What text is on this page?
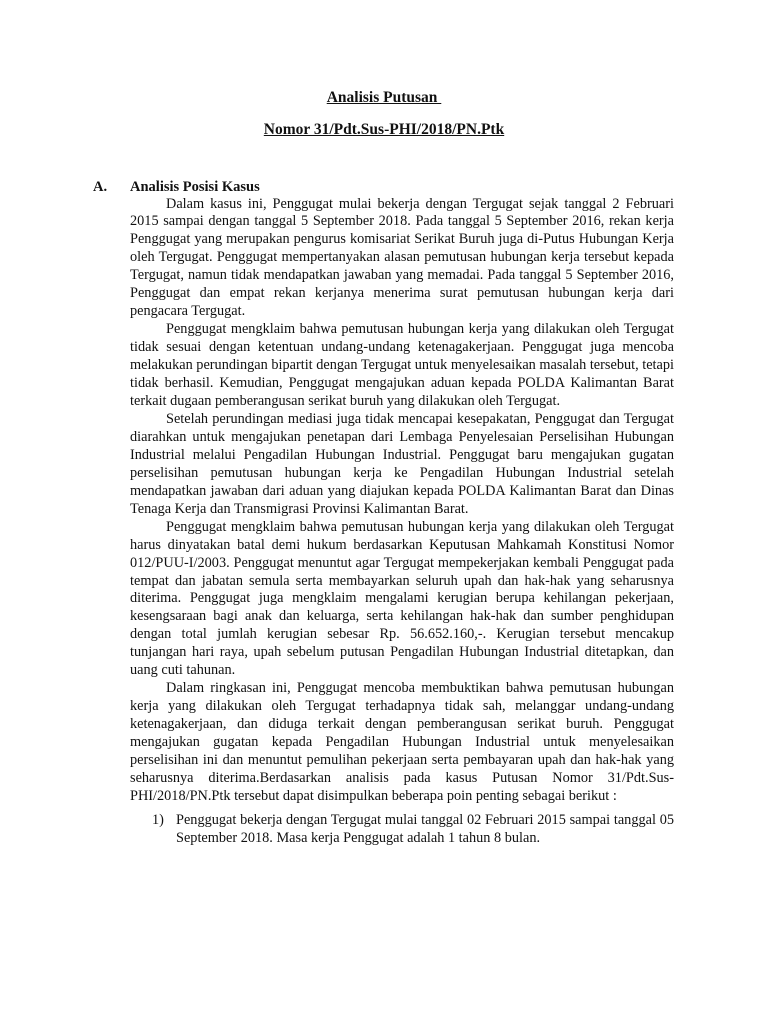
Analisis Putusan
Nomor 31/Pdt.Sus-PHI/2018/PN.Ptk
A. Analisis Posisi Kasus

Dalam kasus ini, Penggugat mulai bekerja dengan Tergugat sejak tanggal 2 Februari 2015 sampai dengan tanggal 5 September 2018. Pada tanggal 5 September 2016, rekan kerja Penggugat yang merupakan pengurus komisariat Serikat Buruh juga di-Putus Hubungan Kerja oleh Tergugat. Penggugat mempertanyakan alasan pemutusan hubungan kerja tersebut kepada Tergugat, namun tidak mendapatkan jawaban yang memadai. Pada tanggal 5 September 2016, Penggugat dan empat rekan kerjanya menerima surat pemutusan hubungan kerja dari pengacara Tergugat.

Penggugat mengklaim bahwa pemutusan hubungan kerja yang dilakukan oleh Tergugat tidak sesuai dengan ketentuan undang-undang ketenagakerjaan. Penggugat juga mencoba melakukan perundingan bipartit dengan Tergugat untuk menyelesaikan masalah tersebut, tetapi tidak berhasil. Kemudian, Penggugat mengajukan aduan kepada POLDA Kalimantan Barat terkait dugaan pemberangusan serikat buruh yang dilakukan oleh Tergugat.

Setelah perundingan mediasi juga tidak mencapai kesepakatan, Penggugat dan Tergugat diarahkan untuk mengajukan penetapan dari Lembaga Penyelesaian Perselisihan Hubungan Industrial melalui Pengadilan Hubungan Industrial. Penggugat baru mengajukan gugatan perselisihan pemutusan hubungan kerja ke Pengadilan Hubungan Industrial setelah mendapatkan jawaban dari aduan yang diajukan kepada POLDA Kalimantan Barat dan Dinas Tenaga Kerja dan Transmigrasi Provinsi Kalimantan Barat.

Penggugat mengklaim bahwa pemutusan hubungan kerja yang dilakukan oleh Tergugat harus dinyatakan batal demi hukum berdasarkan Keputusan Mahkamah Konstitusi Nomor 012/PUU-I/2003. Penggugat menuntut agar Tergugat mempekerjakan kembali Penggugat pada tempat dan jabatan semula serta membayarkan seluruh upah dan hak-hak yang seharusnya diterima. Penggugat juga mengklaim mengalami kerugian berupa kehilangan pekerjaan, kesengsaraan bagi anak dan keluarga, serta kehilangan hak-hak dan sumber penghidupan dengan total jumlah kerugian sebesar Rp. 56.652.160,-. Kerugian tersebut mencakup tunjangan hari raya, upah sebelum putusan Pengadilan Hubungan Industrial ditetapkan, dan uang cuti tahunan.

Dalam ringkasan ini, Penggugat mencoba membuktikan bahwa pemutusan hubungan kerja yang dilakukan oleh Tergugat terhadapnya tidak sah, melanggar undang-undang ketenagakerjaan, dan diduga terkait dengan pemberangusan serikat buruh. Penggugat mengajukan gugatan kepada Pengadilan Hubungan Industrial untuk menyelesaikan perselisihan ini dan menuntut pemulihan pekerjaan serta pembayaran upah dan hak-hak yang seharusnya diterima.Berdasarkan analisis pada kasus Putusan Nomor 31/Pdt.Sus-PHI/2018/PN.Ptk tersebut dapat disimpulkan beberapa poin penting sebagai berikut :

1) Penggugat bekerja dengan Tergugat mulai tanggal 02 Februari 2015 sampai tanggal 05 September 2018. Masa kerja Penggugat adalah 1 tahun 8 bulan.
